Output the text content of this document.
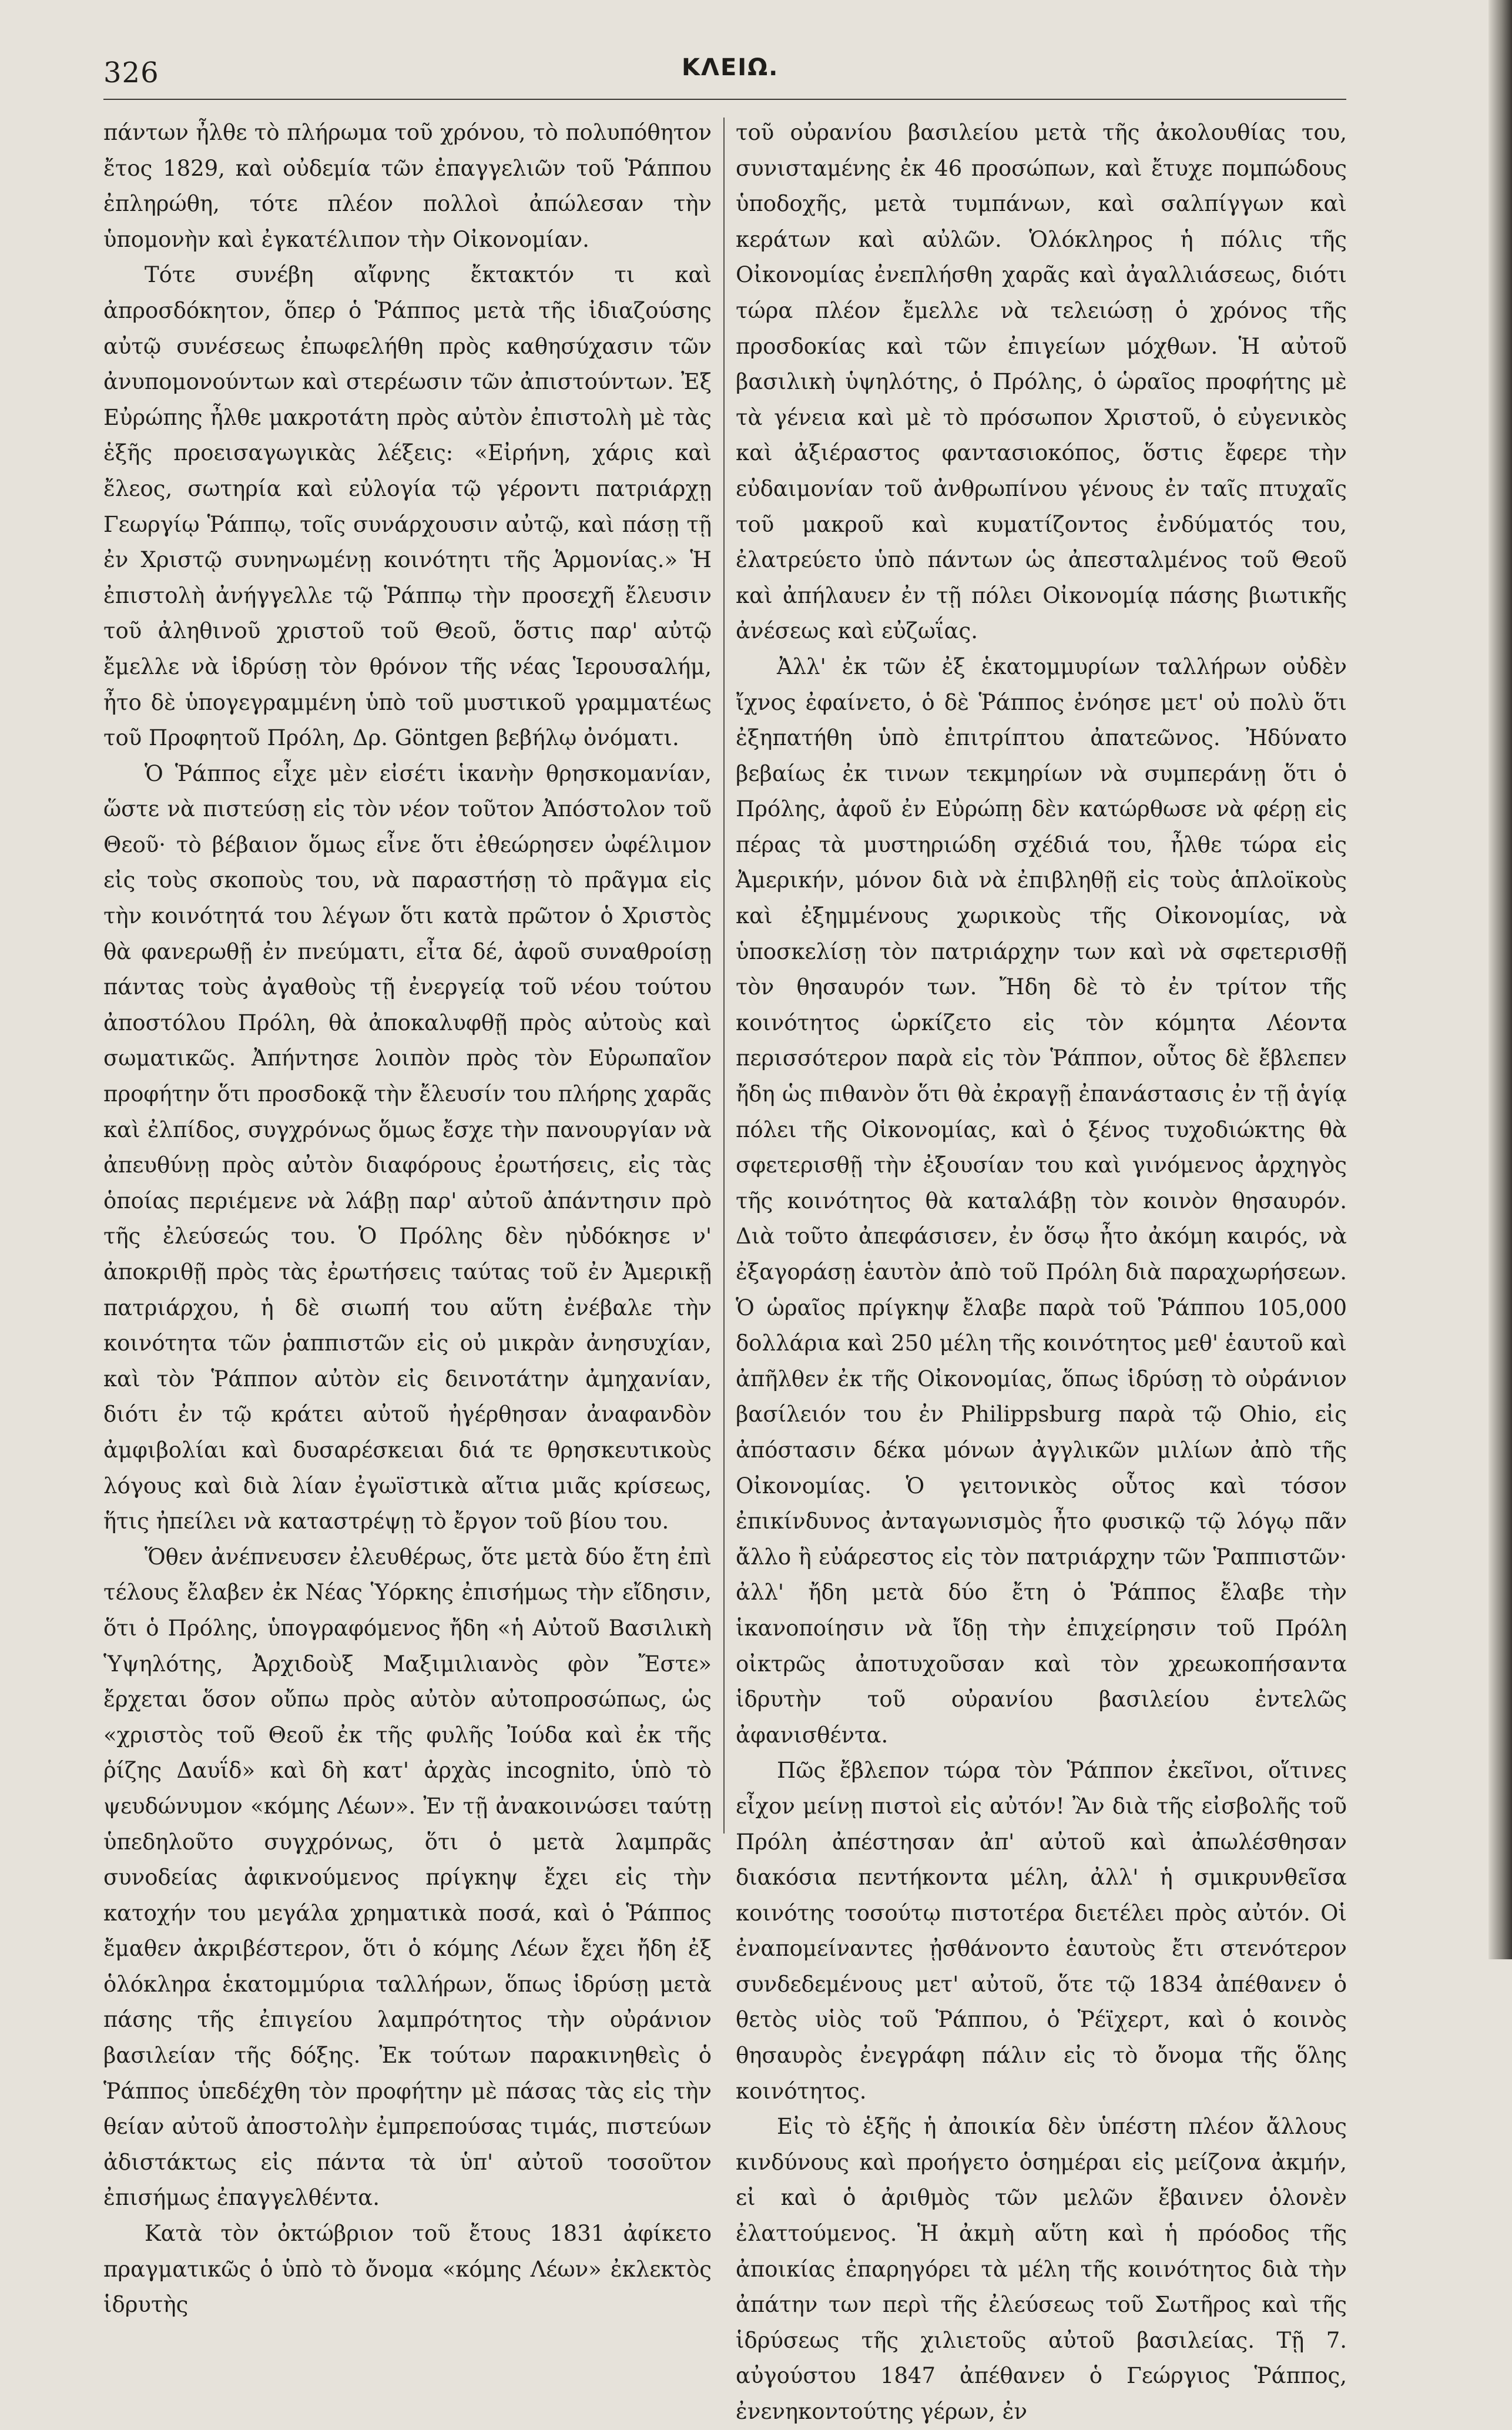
326	ΚΛΕΙΩ.

πάντων ἦλθε τὸ πλήρωμα τοῦ χρόνου, τὸ πολυπόθητον ἔτος 1829, καὶ οὐδεμία τῶν ἐπαγγελιῶν τοῦ Ῥάππου ἐπληρώθη, τότε πλέον πολλοὶ ἀπώλεσαν τὴν ὑπομονὴν καὶ ἐγκατέλιπον τὴν Οἰκονομίαν.

Τότε συνέβη αἴφνης ἔκτακτόν τι καὶ ἀπροσδόκητον, ὅπερ ὁ Ῥάππος μετὰ τῆς ἰδιαζούσης αὐτῷ συνέσεως ἐπωφελήθη πρὸς καθησύχασιν τῶν ἀνυπομονούντων καὶ στερέωσιν τῶν ἀπιστούντων. Ἐξ Εὐρώπης ἦλθε μακροτάτη πρὸς αὐτὸν ἐπιστολὴ μὲ τὰς ἑξῆς προεισαγωγικὰς λέξεις: «Εἰρήνη, χάρις καὶ ἔλεος, σωτηρία καὶ εὐλογία τῷ γέροντι πατριάρχῃ Γεωργίῳ Ῥάππῳ, τοῖς συνάρχουσιν αὐτῷ, καὶ πάσῃ τῇ ἐν Χριστῷ συνηνωμένῃ κοινότητι τῆς Ἁρμονίας.» Ἡ ἐπιστολὴ ἀνήγγελλε τῷ Ῥάππῳ τὴν προσεχῆ ἔλευσιν τοῦ ἀληθινοῦ χριστοῦ τοῦ Θεοῦ, ὅστις παρ' αὐτῷ ἔμελλε νὰ ἱδρύσῃ τὸν θρόνον τῆς νέας Ἱερουσαλήμ, ἦτο δὲ ὑπογεγραμμένη ὑπὸ τοῦ μυστικοῦ γραμματέως τοῦ Προφητοῦ Πρόλη, Δρ. Göntgen βεβήλῳ ὀνόματι.

Ὁ Ῥάππος εἶχε μὲν εἰσέτι ἱκανὴν θρησκομανίαν, ὥστε νὰ πιστεύσῃ εἰς τὸν νέον τοῦτον Ἀπόστολον τοῦ Θεοῦ· τὸ βέβαιον ὅμως εἶνε ὅτι ἐθεώρησεν ὠφέλιμον εἰς τοὺς σκοποὺς του, νὰ παραστήσῃ τὸ πρᾶγμα εἰς τὴν κοινότητά του λέγων ὅτι κατὰ πρῶτον ὁ Χριστὸς θὰ φανερωθῇ ἐν πνεύματι, εἶτα δέ, ἀφοῦ συναθροίσῃ πάντας τοὺς ἀγαθοὺς τῇ ἐνεργείᾳ τοῦ νέου τούτου ἀποστόλου Πρόλη, θὰ ἀποκαλυφθῇ πρὸς αὐτοὺς καὶ σωματικῶς. Ἀπήντησε λοιπὸν πρὸς τὸν Εὐρωπαῖον προφήτην ὅτι προσδοκᾷ τὴν ἔλευσίν του πλήρης χαρᾶς καὶ ἐλπίδος, συγχρόνως ὅμως ἔσχε τὴν πανουργίαν νὰ ἀπευθύνῃ πρὸς αὐτὸν διαφόρους ἐρωτήσεις, εἰς τὰς ὁποίας περιέμενε νὰ λάβῃ παρ' αὐτοῦ ἀπάντησιν πρὸ τῆς ἐλεύσεώς του. Ὁ Πρόλης δὲν ηὐδόκησε ν' ἀποκριθῇ πρὸς τὰς ἐρωτήσεις ταύτας τοῦ ἐν Ἀμερικῇ πατριάρχου, ἡ δὲ σιωπή του αὕτη ἐνέβαλε τὴν κοινότητα τῶν ῥαππιστῶν εἰς οὐ μικρὰν ἀνησυχίαν, καὶ τὸν Ῥάππον αὐτὸν εἰς δεινοτάτην ἀμηχανίαν, διότι ἐν τῷ κράτει αὐτοῦ ἠγέρθησαν ἀναφανδὸν ἀμφιβολίαι καὶ δυσαρέσκειαι διά τε θρησκευτικοὺς λόγους καὶ διὰ λίαν ἐγωϊστικὰ αἴτια μιᾶς κρίσεως, ἥτις ἠπείλει νὰ καταστρέψῃ τὸ ἔργον τοῦ βίου του.

Ὅθεν ἀνέπνευσεν ἐλευθέρως, ὅτε μετὰ δύο ἔτη ἐπὶ τέλους ἔλαβεν ἐκ Νέας Ὑόρκης ἐπισήμως τὴν εἴδησιν, ὅτι ὁ Πρόλης, ὑπογραφόμενος ἤδη «ἡ Αὐτοῦ Βασιλικὴ Ὑψηλότης, Ἀρχιδοὺξ Μαξιμιλιανὸς φὸν Ἔστε» ἔρχεται ὅσον οὔπω πρὸς αὐτὸν αὐτοπροσώπως, ὡς «χριστὸς τοῦ Θεοῦ ἐκ τῆς φυλῆς Ἰούδα καὶ ἐκ τῆς ῥίζης Δαυΐδ» καὶ δὴ κατ' ἀρχὰς incognito, ὑπὸ τὸ ψευδώνυμον «κόμης Λέων». Ἐν τῇ ἀνακοινώσει ταύτῃ ὑπεδηλοῦτο συγχρόνως, ὅτι ὁ μετὰ λαμπρᾶς συνοδείας ἀφικνούμενος πρίγκηψ ἔχει εἰς τὴν κατοχήν του μεγάλα χρηματικὰ ποσά, καὶ ὁ Ῥάππος ἔμαθεν ἀκριβέστερον, ὅτι ὁ κόμης Λέων ἔχει ἤδη ἐξ ὁλόκληρα ἑκατομμύρια ταλλήρων, ὅπως ἱδρύσῃ μετὰ πάσης τῆς ἐπιγείου λαμπρότητος τὴν οὐράνιον βασιλείαν τῆς δόξης. Ἐκ τούτων παρακινηθεὶς ὁ Ῥάππος ὑπεδέχθη τὸν προφήτην μὲ πάσας τὰς εἰς τὴν θείαν αὐτοῦ ἀποστολὴν ἐμπρεπούσας τιμάς, πιστεύων ἀδιστάκτως εἰς πάντα τὰ ὑπ' αὐτοῦ τοσοῦτον ἐπισήμως ἐπαγγελθέντα.

Κατὰ τὸν ὀκτώβριον τοῦ ἔτους 1831 ἀφίκετο πραγματικῶς ὁ ὑπὸ τὸ ὄνομα «κόμης Λέων» ἐκλεκτὸς ἱδρυτὴς

τοῦ οὐρανίου βασιλείου μετὰ τῆς ἀκολουθίας του, συνισταμένης ἐκ 46 προσώπων, καὶ ἔτυχε πομπώδους ὑποδοχῆς, μετὰ τυμπάνων, καὶ σαλπίγγων καὶ κεράτων καὶ αὐλῶν. Ὁλόκληρος ἡ πόλις τῆς Οἰκονομίας ἐνεπλήσθη χαρᾶς καὶ ἀγαλλιάσεως, διότι τώρα πλέον ἔμελλε νὰ τελειώσῃ ὁ χρόνος τῆς προσδοκίας καὶ τῶν ἐπιγείων μόχθων. Ἡ αὐτοῦ βασιλικὴ ὑψηλότης, ὁ Πρόλης, ὁ ὡραῖος προφήτης μὲ τὰ γένεια καὶ μὲ τὸ πρόσωπον Χριστοῦ, ὁ εὐγενικὸς καὶ ἀξιέραστος φαντασιοκόπος, ὅστις ἔφερε τὴν εὐδαιμονίαν τοῦ ἀνθρωπίνου γένους ἐν ταῖς πτυχαῖς τοῦ μακροῦ καὶ κυματίζοντος ἐνδύματός του, ἐλατρεύετο ὑπὸ πάντων ὡς ἀπεσταλμένος τοῦ Θεοῦ καὶ ἀπήλαυεν ἐν τῇ πόλει Οἰκονομίᾳ πάσης βιωτικῆς ἀνέσεως καὶ εὐζωΐας.

Ἀλλ' ἐκ τῶν ἐξ ἑκατομμυρίων ταλλήρων οὐδὲν ἴχνος ἐφαίνετο, ὁ δὲ Ῥάππος ἐνόησε μετ' οὐ πολὺ ὅτι ἐξηπατήθη ὑπὸ ἐπιτρίπτου ἀπατεῶνος. Ἠδύνατο βεβαίως ἐκ τινων τεκμηρίων νὰ συμπεράνῃ ὅτι ὁ Πρόλης, ἀφοῦ ἐν Εὐρώπῃ δὲν κατώρθωσε νὰ φέρῃ εἰς πέρας τὰ μυστηριώδη σχέδιά του, ἦλθε τώρα εἰς Ἀμερικήν, μόνον διὰ νὰ ἐπιβληθῇ εἰς τοὺς ἁπλοϊκοὺς καὶ ἐξημμένους χωρικοὺς τῆς Οἰκονομίας, νὰ ὑποσκελίσῃ τὸν πατριάρχην των καὶ νὰ σφετερισθῇ τὸν θησαυρόν των. Ἤδη δὲ τὸ ἐν τρίτον τῆς κοινότητος ὡρκίζετο εἰς τὸν κόμητα Λέοντα περισσότερον παρὰ εἰς τὸν Ῥάππον, οὗτος δὲ ἔβλεπεν ἤδη ὡς πιθανὸν ὅτι θὰ ἐκραγῇ ἐπανάστασις ἐν τῇ ἁγίᾳ πόλει τῆς Οἰκονομίας, καὶ ὁ ξένος τυχοδιώκτης θὰ σφετερισθῇ τὴν ἐξουσίαν του καὶ γινόμενος ἀρχηγὸς τῆς κοινότητος θὰ καταλάβῃ τὸν κοινὸν θησαυρόν. Διὰ τοῦτο ἀπεφάσισεν, ἐν ὅσῳ ἦτο ἀκόμη καιρός, νὰ ἐξαγοράσῃ ἑαυτὸν ἀπὸ τοῦ Πρόλη διὰ παραχωρήσεων. Ὁ ὡραῖος πρίγκηψ ἔλαβε παρὰ τοῦ Ῥάππου 105,000 δολλάρια καὶ 250 μέλη τῆς κοινότητος μεθ' ἑαυτοῦ καὶ ἀπῆλθεν ἐκ τῆς Οἰκονομίας, ὅπως ἱδρύσῃ τὸ οὐράνιον βασίλειόν του ἐν Philippsburg παρὰ τῷ Ohio, εἰς ἀπόστασιν δέκα μόνων ἀγγλικῶν μιλίων ἀπὸ τῆς Οἰκονομίας. Ὁ γειτονικὸς οὗτος καὶ τόσον ἐπικίνδυνος ἀνταγωνισμὸς ἦτο φυσικῷ τῷ λόγῳ πᾶν ἄλλο ἢ εὐάρεστος εἰς τὸν πατριάρχην τῶν Ῥαππιστῶν· ἀλλ' ἤδη μετὰ δύο ἔτη ὁ Ῥάππος ἔλαβε τὴν ἱκανοποίησιν νὰ ἴδῃ τὴν ἐπιχείρησιν τοῦ Πρόλη οἰκτρῶς ἀποτυχοῦσαν καὶ τὸν χρεωκοπήσαντα ἱδρυτὴν τοῦ οὐρανίου βασιλείου ἐντελῶς ἀφανισθέντα.

Πῶς ἔβλεπον τώρα τὸν Ῥάππον ἐκεῖνοι, οἵτινες εἶχον μείνῃ πιστοὶ εἰς αὐτόν! Ἂν διὰ τῆς εἰσβολῆς τοῦ Πρόλη ἀπέστησαν ἀπ' αὐτοῦ καὶ ἀπωλέσθησαν διακόσια πεντήκοντα μέλη, ἀλλ' ἡ σμικρυνθεῖσα κοινότης τοσούτῳ πιστοτέρα διετέλει πρὸς αὐτόν. Οἱ ἐναπομείναντες ᾐσθάνοντο ἑαυτοὺς ἔτι στενότερον συνδεδεμένους μετ' αὐτοῦ, ὅτε τῷ 1834 ἀπέθανεν ὁ θετὸς υἱὸς τοῦ Ῥάππου, ὁ Ῥέϊχερτ, καὶ ὁ κοινὸς θησαυρὸς ἐνεγράφη πάλιν εἰς τὸ ὄνομα τῆς ὅλης κοινότητος.

Εἰς τὸ ἑξῆς ἡ ἀποικία δὲν ὑπέστη πλέον ἄλλους κινδύνους καὶ προήγετο ὁσημέραι εἰς μείζονα ἀκμήν, εἰ καὶ ὁ ἀριθμὸς τῶν μελῶν ἔβαινεν ὁλονὲν ἐλαττούμενος. Ἡ ἀκμὴ αὕτη καὶ ἡ πρόοδος τῆς ἀποικίας ἐπαρηγόρει τὰ μέλη τῆς κοινότητος διὰ τὴν ἀπάτην των περὶ τῆς ἐλεύσεως τοῦ Σωτῆρος καὶ τῆς ἱδρύσεως τῆς χιλιετοῦς αὐτοῦ βασιλείας. Τῇ 7. αὐγούστου 1847 ἀπέθανεν ὁ Γεώργιος Ῥάππος, ἐνενηκοντούτης γέρων, ἐν
